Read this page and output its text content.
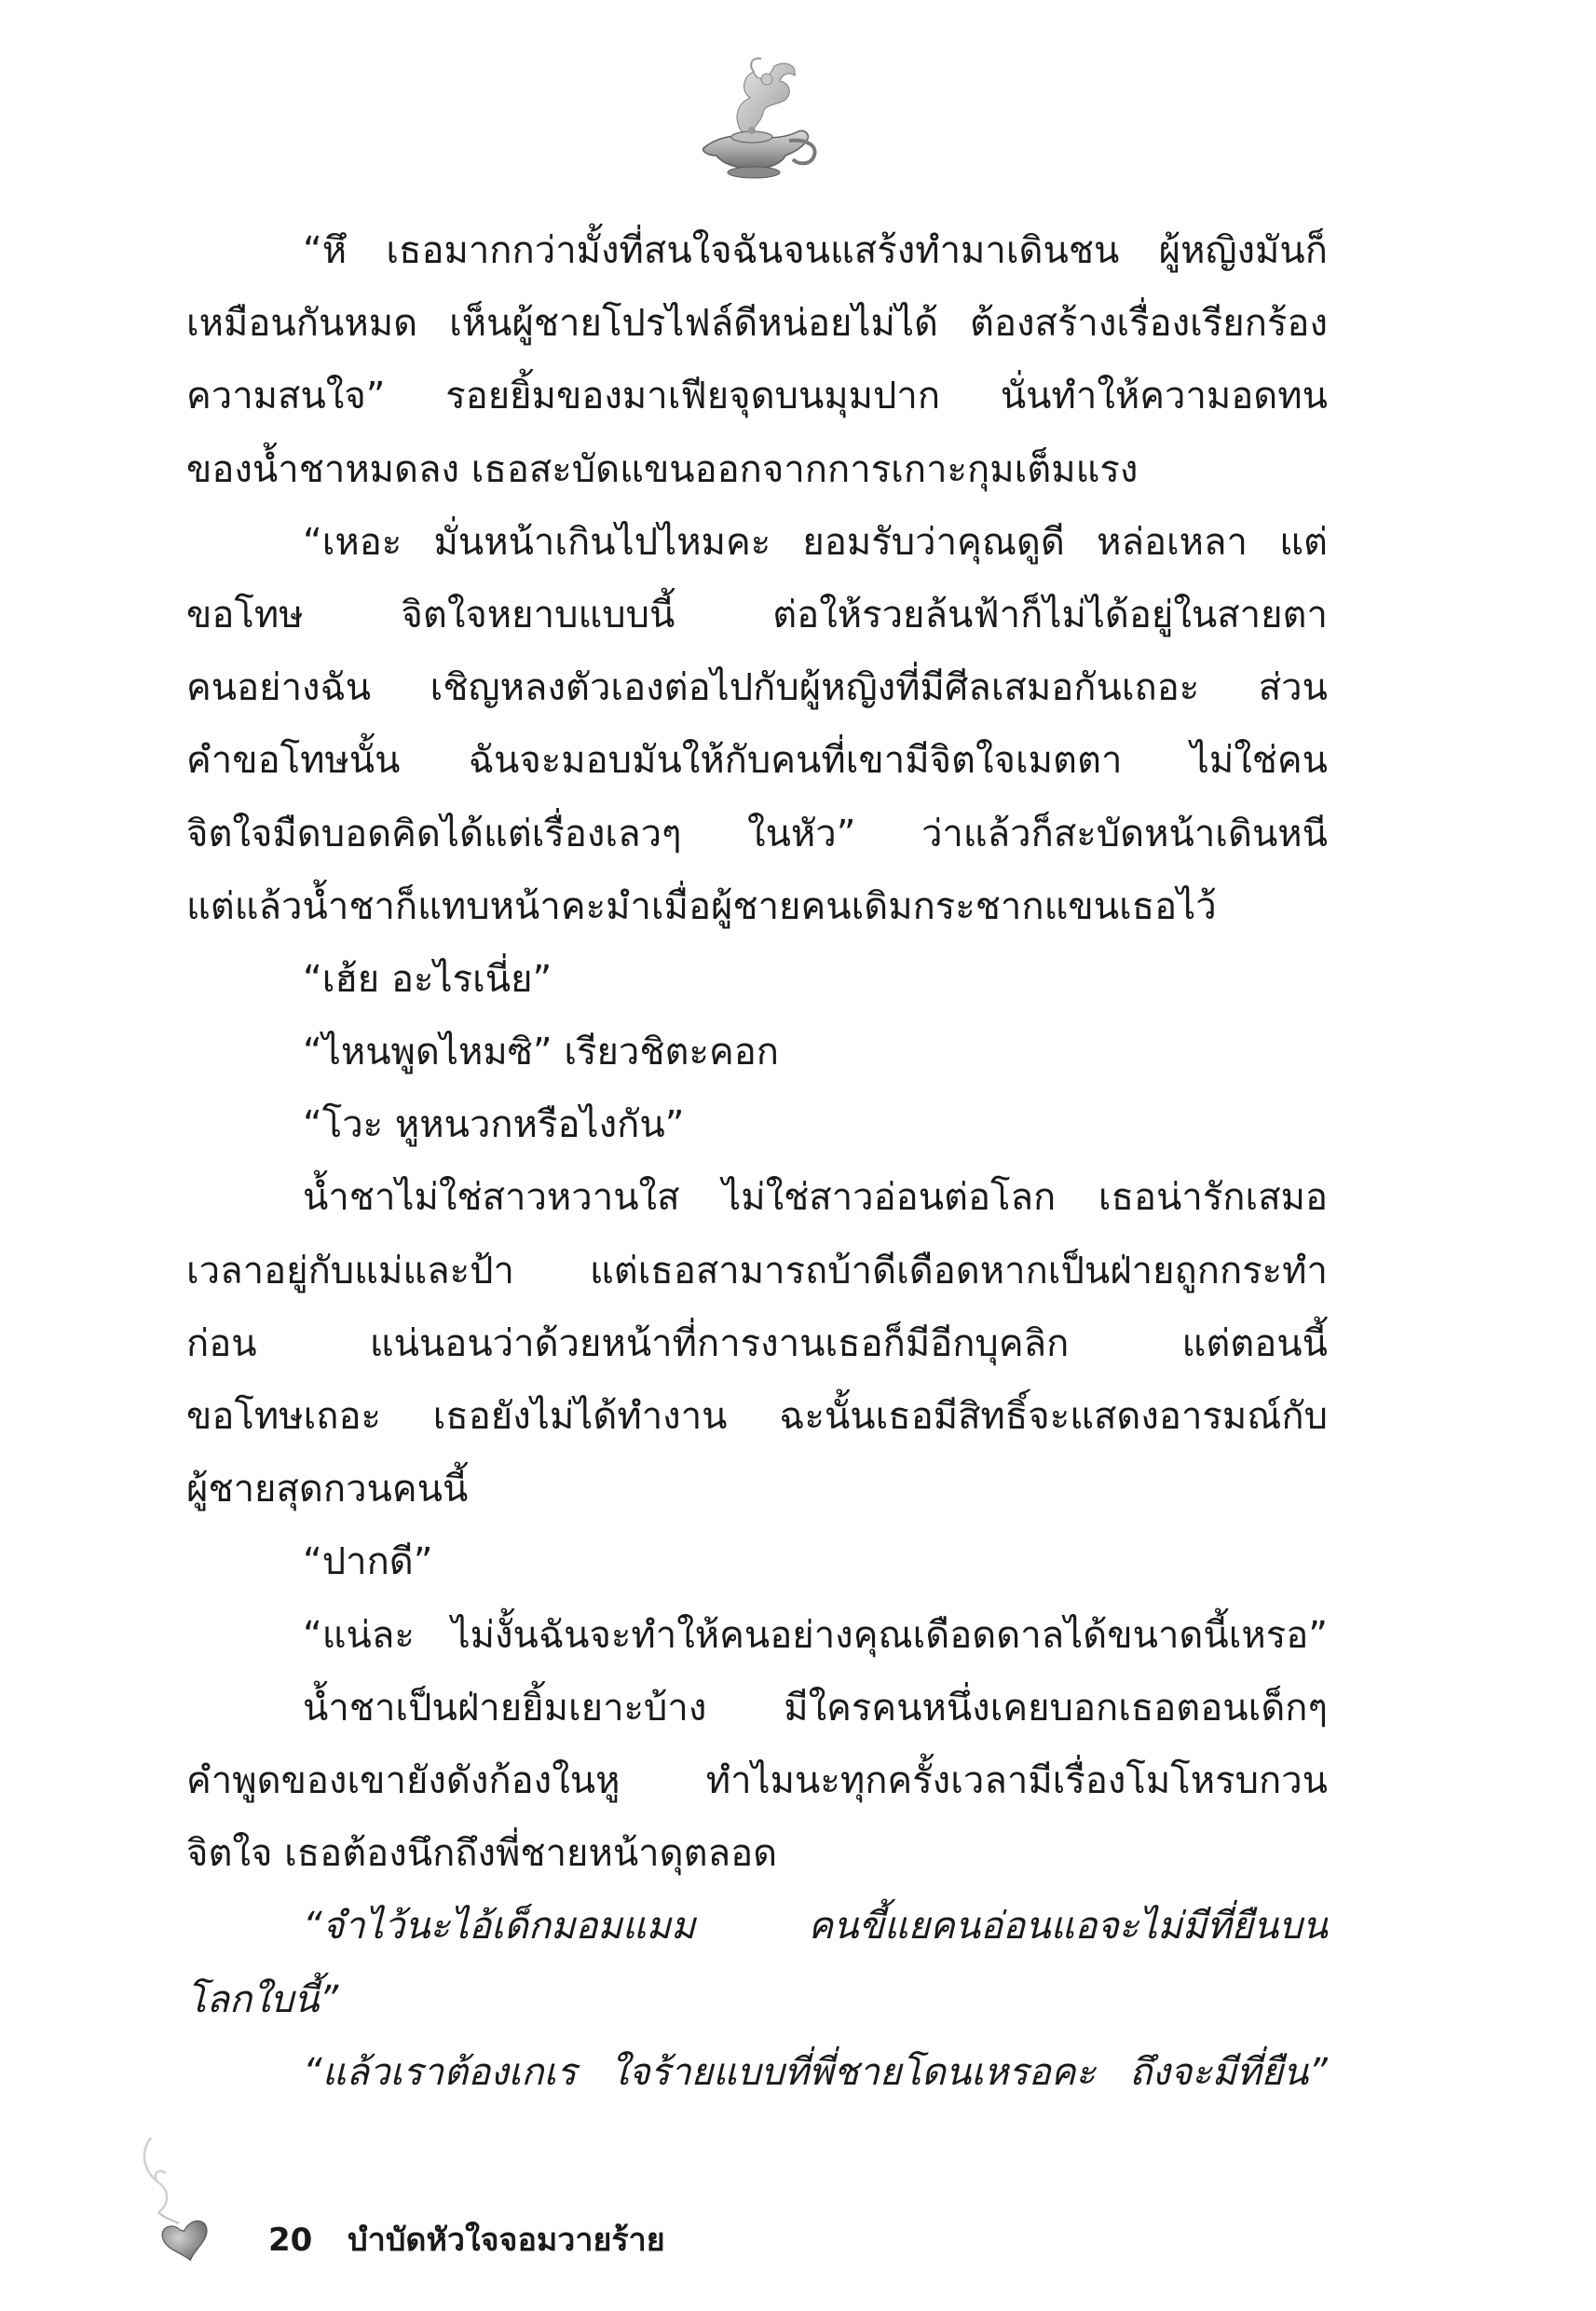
“หึ เธอมากกว่ามั้งที่สนใจฉันจนแสร้งทำมาเดินชน ผู้หญิงมันก็
เหมือนกันหมด เห็นผู้ชายโปรไฟล์ดีหน่อยไม่ได้ ต้องสร้างเรื่องเรียกร้อง
ความสนใจ” รอยยิ้มของมาเฟียจุดบนมุมปาก นั่นทำให้ความอดทน
ของน้ำชาหมดลง เธอสะบัดแขนออกจากการเกาะกุมเต็มแรง
“เหอะ มั่นหน้าเกินไปไหมคะ ยอมรับว่าคุณดูดี หล่อเหลา แต่
ขอโทษ จิตใจหยาบแบบนี้ ต่อให้รวยล้นฟ้าก็ไม่ได้อยู่ในสายตา
คนอย่างฉัน เชิญหลงตัวเองต่อไปกับผู้หญิงที่มีศีลเสมอกันเถอะ ส่วน
คำขอโทษนั้น ฉันจะมอบมันให้กับคนที่เขามีจิตใจเมตตา ไม่ใช่คน
จิตใจมืดบอดคิดได้แต่เรื่องเลวๆ ในหัว” ว่าแล้วก็สะบัดหน้าเดินหนี
แต่แล้วน้ำชาก็แทบหน้าคะมำเมื่อผู้ชายคนเดิมกระชากแขนเธอไว้
“เฮ้ย อะไรเนี่ย”
“ไหนพูดไหมซิ” เรียวชิตะคอก
“โวะ หูหนวกหรือไงกัน”
น้ำชาไม่ใช่สาวหวานใส ไม่ใช่สาวอ่อนต่อโลก เธอน่ารักเสมอ
เวลาอยู่กับแม่และป้า แต่เธอสามารถบ้าดีเดือดหากเป็นฝ่ายถูกกระทำ
ก่อน แน่นอนว่าด้วยหน้าที่การงานเธอก็มีอีกบุคลิก แต่ตอนนี้
ขอโทษเถอะ เธอยังไม่ได้ทำงาน ฉะนั้นเธอมีสิทธิ์จะแสดงอารมณ์กับ
ผู้ชายสุดกวนคนนี้
“ปากดี”
“แน่ละ ไม่งั้นฉันจะทำให้คนอย่างคุณเดือดดาลได้ขนาดนี้เหรอ”
น้ำชาเป็นฝ่ายยิ้มเยาะบ้าง มีใครคนหนึ่งเคยบอกเธอตอนเด็กๆ
คำพูดของเขายังดังก้องในหู ทำไมนะทุกครั้งเวลามีเรื่องโมโหรบกวน
จิตใจ เธอต้องนึกถึงพี่ชายหน้าดุตลอด
“จำไว้นะไอ้เด็กมอมแมม คนขี้แยคนอ่อนแอจะไม่มีที่ยืนบน
โลกใบนี้”
“แล้วเราต้องเกเร ใจร้ายแบบที่พี่ชายโดนเหรอคะ ถึงจะมีที่ยืน”
20 บำบัดหัวใจจอมวายร้าย
